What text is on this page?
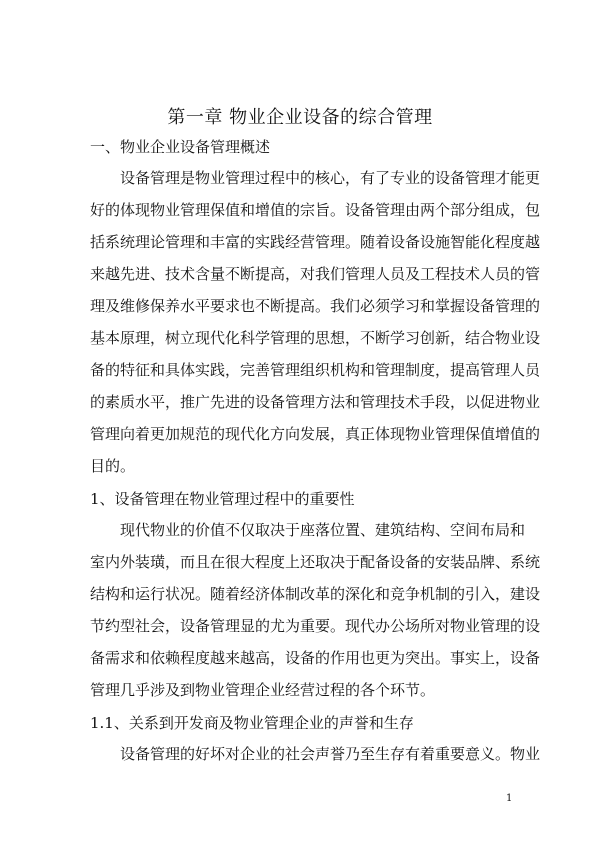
第一章 物业企业设备的综合管理
一、物业企业设备管理概述
设备管理是物业管理过程中的核心，有了专业的设备管理才能更
好的体现物业管理保值和增值的宗旨。设备管理由两个部分组成，包
括系统理论管理和丰富的实践经营管理。随着设备设施智能化程度越
来越先进、技术含量不断提高，对我们管理人员及工程技术人员的管
理及维修保养水平要求也不断提高。我们必须学习和掌握设备管理的
基本原理，树立现代化科学管理的思想，不断学习创新，结合物业设
备的特征和具体实践，完善管理组织机构和管理制度，提高管理人员
的素质水平，推广先进的设备管理方法和管理技术手段，以促进物业
管理向着更加规范的现代化方向发展，真正体现物业管理保值增值的
目的。
1、设备管理在物业管理过程中的重要性
现代物业的价值不仅取决于座落位置、建筑结构、空间布局和
室内外装璜，而且在很大程度上还取决于配备设备的安装品牌、系统
结构和运行状况。随着经济体制改革的深化和竞争机制的引入，建设
节约型社会，设备管理显的尤为重要。现代办公场所对物业管理的设
备需求和依赖程度越来越高，设备的作用也更为突出。事实上，设备
管理几乎涉及到物业管理企业经营过程的各个环节。
1.1、关系到开发商及物业管理企业的声誉和生存
设备管理的好坏对企业的社会声誉乃至生存有着重要意义。物业
1
